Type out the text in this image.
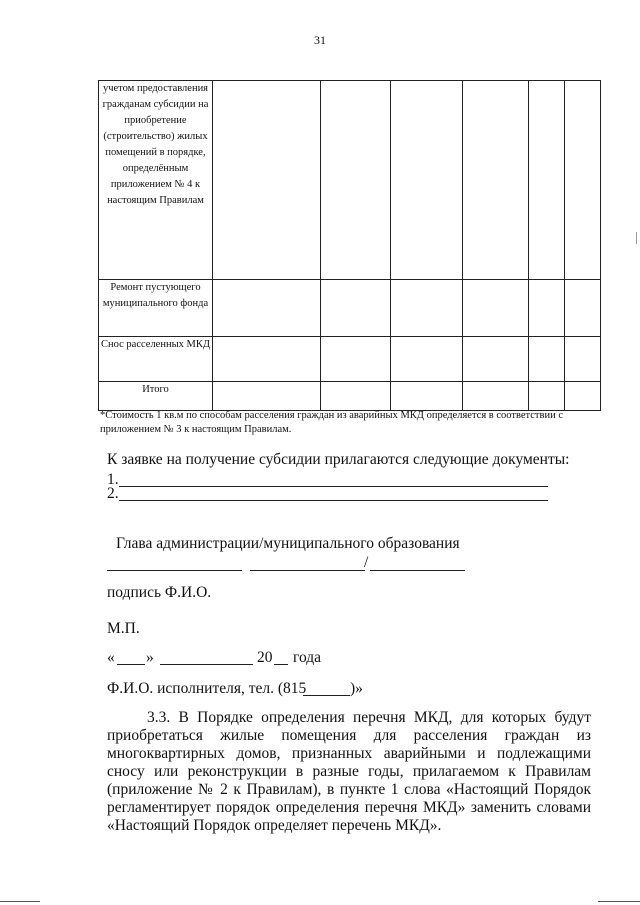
31
учетом предоставления гражданам субсидии на приобретение (строительство) жилых помещений в порядке, определённым приложением № 4 к настоящим Правилам						
Ремонт пустующего муниципального фонда						
Снос расселенных МКД						
Итого						
*Стоимость 1 кв.м по способам расселения граждан из аварийных МКД определяется в соответствии с приложением № 3 к настоящим Правилам.
К заявке на получение субсидии прилагаются следующие документы:
1.
2.
Глава администрации/муниципального образования
/
подпись Ф.И.О.
М.П.
« »	20 года
Ф.И.О. исполнителя, тел. (815	)»
3.3. В Порядке определения перечня МКД, для которых будут приобретаться жилые помещения для расселения граждан из многоквартирных домов, признанных аварийными и подлежащими сносу или реконструкции в разные годы, прилагаемом к Правилам (приложение № 2 к Правилам), в пункте 1 слова «Настоящий Порядок регламентирует порядок определения перечня МКД» заменить словами «Настоящий Порядок определяет перечень МКД».
